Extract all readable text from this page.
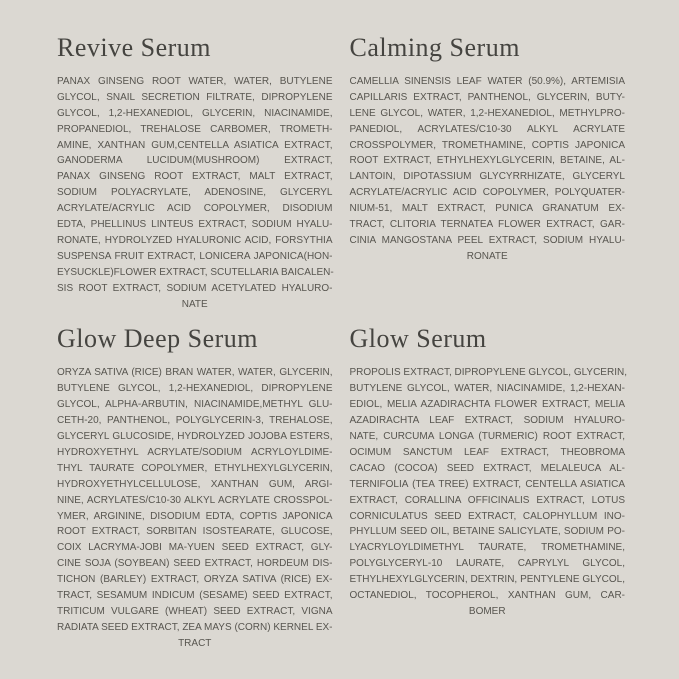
Revive Serum
PANAX GINSENG ROOT WATER, WATER, BUTYLENE
GLYCOL, SNAIL SECRETION FILTRATE, DIPROPYLENE
GLYCOL, 1,2-HEXANEDIOL, GLYCERIN, NIACINAMIDE,
PROPANEDIOL, TREHALOSE CARBOMER, TROMETH-
AMINE, XANTHAN GUM,CENTELLA ASIATICA EXTRACT,
GANODERMA LUCIDUM(MUSHROOM) EXTRACT,
PANAX GINSENG ROOT EXTRACT, MALT EXTRACT,
SODIUM POLYACRYLATE, ADENOSINE, GLYCERYL
ACRYLATE/ACRYLIC ACID COPOLYMER, DISODIUM
EDTA, PHELLINUS LINTEUS EXTRACT, SODIUM HYALU-
RONATE, HYDROLYZED HYALURONIC ACID, FORSYTHIA
SUSPENSA FRUIT EXTRACT, LONICERA JAPONICA(HON-
EYSUCKLE)FLOWER EXTRACT, SCUTELLARIA BAICALEN-
SIS ROOT EXTRACT, SODIUM ACETYLATED HYALURO-
NATE
Calming Serum
CAMELLIA SINENSIS LEAF WATER (50.9%), ARTEMISIA
CAPILLARIS EXTRACT, PANTHENOL, GLYCERIN, BUTY-
LENE GLYCOL, WATER, 1,2-HEXANEDIOL, METHYLPRO-
PANEDIOL, ACRYLATES/C10-30 ALKYL ACRYLATE
CROSSPOLYMER, TROMETHAMINE, COPTIS JAPONICA
ROOT EXTRACT, ETHYLHEXYLGLYCERIN, BETAINE, AL-
LANTOIN, DIPOTASSIUM GLYCYRRHIZATE, GLYCERYL
ACRYLATE/ACRYLIC ACID COPOLYMER, POLYQUATER-
NIUM-51, MALT EXTRACT, PUNICA GRANATUM EX-
TRACT, CLITORIA TERNATEA FLOWER EXTRACT, GAR-
CINIA MANGOSTANA PEEL EXTRACT, SODIUM HYALU-
RONATE
Glow Deep Serum
ORYZA SATIVA (RICE) BRAN WATER, WATER, GLYCERIN,
BUTYLENE GLYCOL, 1,2-HEXANEDIOL, DIPROPYLENE
GLYCOL, ALPHA-ARBUTIN, NIACINAMIDE,METHYL GLU-
CETH-20, PANTHENOL, POLYGLYCERIN-3, TREHALOSE,
GLYCERYL GLUCOSIDE, HYDROLYZED JOJOBA ESTERS,
HYDROXYETHYL ACRYLATE/SODIUM ACRYLOYLDIME-
THYL TAURATE COPOLYMER, ETHYLHEXYLGLYCERIN,
HYDROXYETHYLCELLULOSE, XANTHAN GUM, ARGI-
NINE, ACRYLATES/C10-30 ALKYL ACRYLATE CROSSPOL-
YMER, ARGININE, DISODIUM EDTA, COPTIS JAPONICA
ROOT EXTRACT, SORBITAN ISOSTEARATE, GLUCOSE,
COIX LACRYMA-JOBI MA-YUEN SEED EXTRACT, GLY-
CINE SOJA (SOYBEAN) SEED EXTRACT, HORDEUM DIS-
TICHON (BARLEY) EXTRACT, ORYZA SATIVA (RICE) EX-
TRACT, SESAMUM INDICUM (SESAME) SEED EXTRACT,
TRITICUM VULGARE (WHEAT) SEED EXTRACT, VIGNA
RADIATA SEED EXTRACT, ZEA MAYS (CORN) KERNEL EX-
TRACT
Glow Serum
PROPOLIS EXTRACT, DIPROPYLENE GLYCOL, GLYCERIN,
BUTYLENE GLYCOL, WATER, NIACINAMIDE, 1,2-HEXAN-
EDIOL, MELIA AZADIRACHTA FLOWER EXTRACT, MELIA
AZADIRACHTA LEAF EXTRACT, SODIUM HYALURO-
NATE, CURCUMA LONGA (TURMERIC) ROOT EXTRACT,
OCIMUM SANCTUM LEAF EXTRACT, THEOBROMA
CACAO (COCOA) SEED EXTRACT, MELALEUCA AL-
TERNIFOLIA (TEA TREE) EXTRACT, CENTELLA ASIATICA
EXTRACT, CORALLINA OFFICINALIS EXTRACT, LOTUS
CORNICULATUS SEED EXTRACT, CALOPHYLLUM INO-
PHYLLUM SEED OIL, BETAINE SALICYLATE, SODIUM PO-
LYACRYLOYLDIMETHYL TAURATE, TROMETHAMINE,
POLYGLYCERYL-10 LAURATE, CAPRYLYL GLYCOL,
ETHYLHEXYLGLYCERIN, DEXTRIN, PENTYLENE GLYCOL,
OCTANEDIOL, TOCOPHEROL, XANTHAN GUM, CAR-
BOMER
